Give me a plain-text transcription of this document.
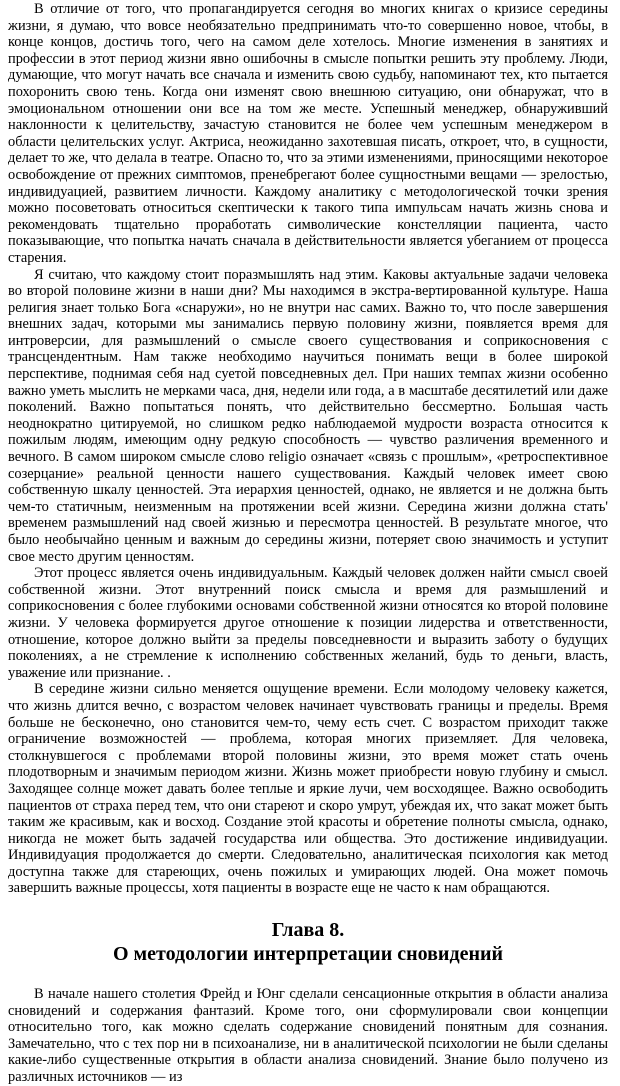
В отличие от того, что пропагандируется сегодня во многих книгах о кризисе середины жизни, я думаю, что вовсе необязательно предпринимать что-то совершенно новое, чтобы, в конце концов, достичь того, чего на самом деле хотелось. Многие изменения в занятиях и профессии в этот период жизни явно ошибочны в смысле попытки решить эту проблему. Люди, думающие, что могут начать все сначала и изменить свою судьбу, напоминают тех, кто пытается похоронить свою тень. Когда они изменят свою внешнюю ситуацию, они обнаружат, что в эмоциональном отношении они все на том же месте. Успешный менеджер, обнаруживший наклонности к целительству, зачастую становится не более чем успешным менеджером в области целительских услуг. Актриса, неожиданно захотевшая писать, откроет, что, в сущности, делает то же, что делала в театре. Опасно то, что за этими изменениями, приносящими некоторое освобождение от прежних симптомов, пренебрегают более сущностными вещами — зрелостью, индивидуацией, развитием личности. Каждому аналитику с методологической точки зрения можно посоветовать относиться скептически к такого типа импульсам начать жизнь снова и рекомендовать тщательно проработать символические констелляции пациента, часто показывающие, что попытка начать сначала в действительности является убеганием от процесса старения.

Я считаю, что каждому стоит поразмышлять над этим. Каковы актуальные задачи человека во второй половине жизни в наши дни? Мы находимся в экстра-вертированной культуре. Наша религия знает только Бога «снаружи», но не внутри нас самих. Важно то, что после завершения внешних задач, которыми мы занимались первую половину жизни, появляется время для интроверсии, для размышлений о смысле своего существования и соприкосновения с трансцендентным. Нам также необходимо научиться понимать вещи в более широкой перспективе, поднимая себя над суетой повседневных дел. При наших темпах жизни особенно важно уметь мыслить не мерками часа, дня, недели или года, а в масштабе десятилетий или даже поколений. Важно попытаться понять, что действительно бессмертно. Большая часть неоднократно цитируемой, но слишком редко наблюдаемой мудрости возраста относится к пожилым людям, имеющим одну редкую способность — чувство различения временного и вечного. В самом широком смысле слово religio означает «связь с прошлым», «ретроспективное созерцание» реальной ценности нашего существования. Каждый человек имеет свою собственную шкалу ценностей. Эта иерархия ценностей, однако, не является и не должна быть чем-то статичным, неизменным на протяжении всей жизни. Середина жизни должна стать' временем размышлений над своей жизнью и пересмотра ценностей. В результате многое, что было необычайно ценным и важным до середины жизни, потеряет свою значимость и уступит свое место другим ценностям.

Этот процесс является очень индивидуальным. Каждый человек должен найти смысл своей собственной жизни. Этот внутренний поиск смысла и время для размышлений и соприкосновения с более глубокими основами собственной жизни относятся ко второй половине жизни. У человека формируется другое отношение к позиции лидерства и ответственности, отношение, которое должно выйти за пределы повседневности и выразить заботу о будущих поколениях, а не стремление к исполнению собственных желаний, будь то деньги, власть, уважение или признание. .

В середине жизни сильно меняется ощущение времени. Если молодому человеку кажется, что жизнь длится вечно, с возрастом человек начинает чувствовать границы и пределы. Время больше не бесконечно, оно становится чем-то, чему есть счет. С возрастом приходит также ограничение возможностей — проблема, которая многих приземляет. Для человека, столкнувшегося с проблемами второй половины жизни, это время может стать очень плодотворным и значимым периодом жизни. Жизнь может приобрести новую глубину и смысл. Заходящее солнце может давать более теплые и яркие лучи, чем восходящее. Важно освободить пациентов от страха перед тем, что они стареют и скоро умрут, убеждая их, что закат может быть таким же красивым, как и восход. Создание этой красоты и обретение полноты смысла, однако, никогда не может быть задачей государства или общества. Это достижение индивидуации. Индивидуация продолжается до смерти. Следовательно, аналитическая психология как метод доступна также для стареющих, очень пожилых и умирающих людей. Она может помочь завершить важные процессы, хотя пациенты в возрасте еще не часто к нам обращаются.

Глава 8.
О методологии интерпретации сновидений

В начале нашего столетия Фрейд и Юнг сделали сенсационные открытия в области анализа сновидений и содержания фантазий. Кроме того, они сформулировали свои концепции относительно того, как можно сделать содержание сновидений понятным для сознания. Замечательно, что с тех пор ни в психоанализе, ни в аналитической психологии не были сделаны какие-либо существенные открытия в области анализа сновидений. Знание было получено из различных источников — из
